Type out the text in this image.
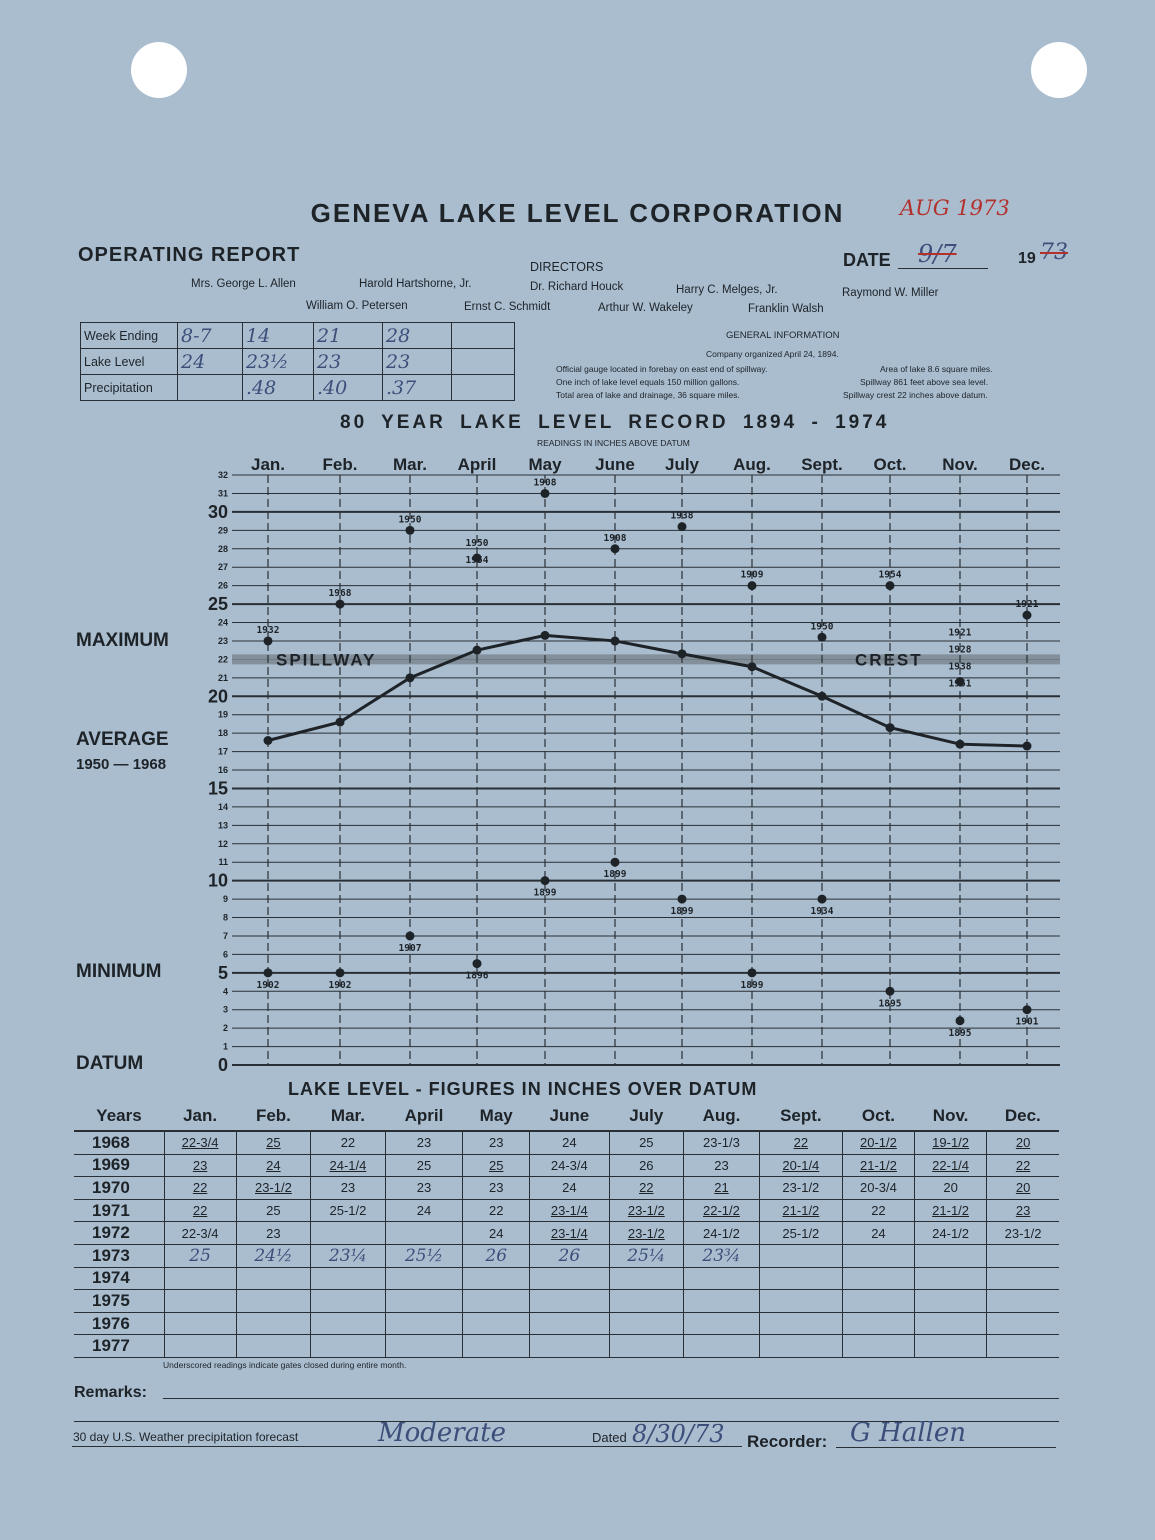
GENEVA LAKE LEVEL CORPORATION	AUG 1973
OPERATING REPORT	DATE 9/7	19 73
DIRECTORS
Mrs. George L. Allen	Harold Hartshorne, Jr.	Dr. Richard Houck	Harry C. Melges, Jr.	Raymond W. Miller
William O. Petersen	Ernst C. Schmidt	Arthur W. Wakeley	Franklin Walsh
Week Ending	8-7	14	21	28	
Lake Level	24	23½	23	23	
Precipitation		.48	.40	.37	
GENERAL INFORMATION
Company organized April 24, 1894.
Official gauge located in forebay on east end of spillway.
One inch of lake level equals 150 million gallons.
Total area of lake and drainage, 36 square miles.
Area of lake 8.6 square miles.
Spillway 861 feet above sea level.
Spillway crest 22 inches above datum.
80 YEAR LAKE LEVEL RECORD 1894 - 1974
READINGS IN INCHES ABOVE DATUM
0
1
2
3
4
5
6
7
8
9
10
11
12
13
14
15
16
17
18
19
20
21
22
23
24
25
26
27
28
29
30
31
32
SPILLWAY	CREST
Jan. Feb. Mar. April May June July Aug. Sept. Oct. Nov. Dec.
1932
1968
1950
1950
1954
1908
1908
1938
1909
1950
1954
1921
1928
1938
1951
1921
1902	1902
1907
1896
1899
1899
1899
1899
1934
1895
1895
1901
MAXIMUM
AVERAGE
1950 — 1968
MINIMUM
DATUM
LAKE LEVEL - FIGURES IN INCHES OVER DATUM
Years	Jan.	Feb.	Mar.	April	May	June	July	Aug.	Sept.	Oct.	Nov.	Dec.
1968	22-3/4	25	22	23	23	24	25	23-1/3	22	20-1/2	19-1/2	20
1969	23	24	24-1/4	25	25	24-3/4	26	23	20-1/4	21-1/2	22-1/4	22
1970	22	23-1/2	23	23	23	24	22	21	23-1/2	20-3/4	20	20
1971	22	25	25-1/2	24	22	23-1/4	23-1/2	22-1/2	21-1/2	22	21-1/2	23
1972	22-3/4	23			24	23-1/4	23-1/2	24-1/2	25-1/2	24	24-1/2	23-1/2
1973	25	24½	23¼	25½	26	26	25¼	23¾				
1974												
1975												
1976												
1977												
Underscored readings indicate gates closed during entire month.
Remarks:
30 day U.S. Weather precipitation forecast	Moderate	Dated 8/30/73 Recorder: G Hallen
